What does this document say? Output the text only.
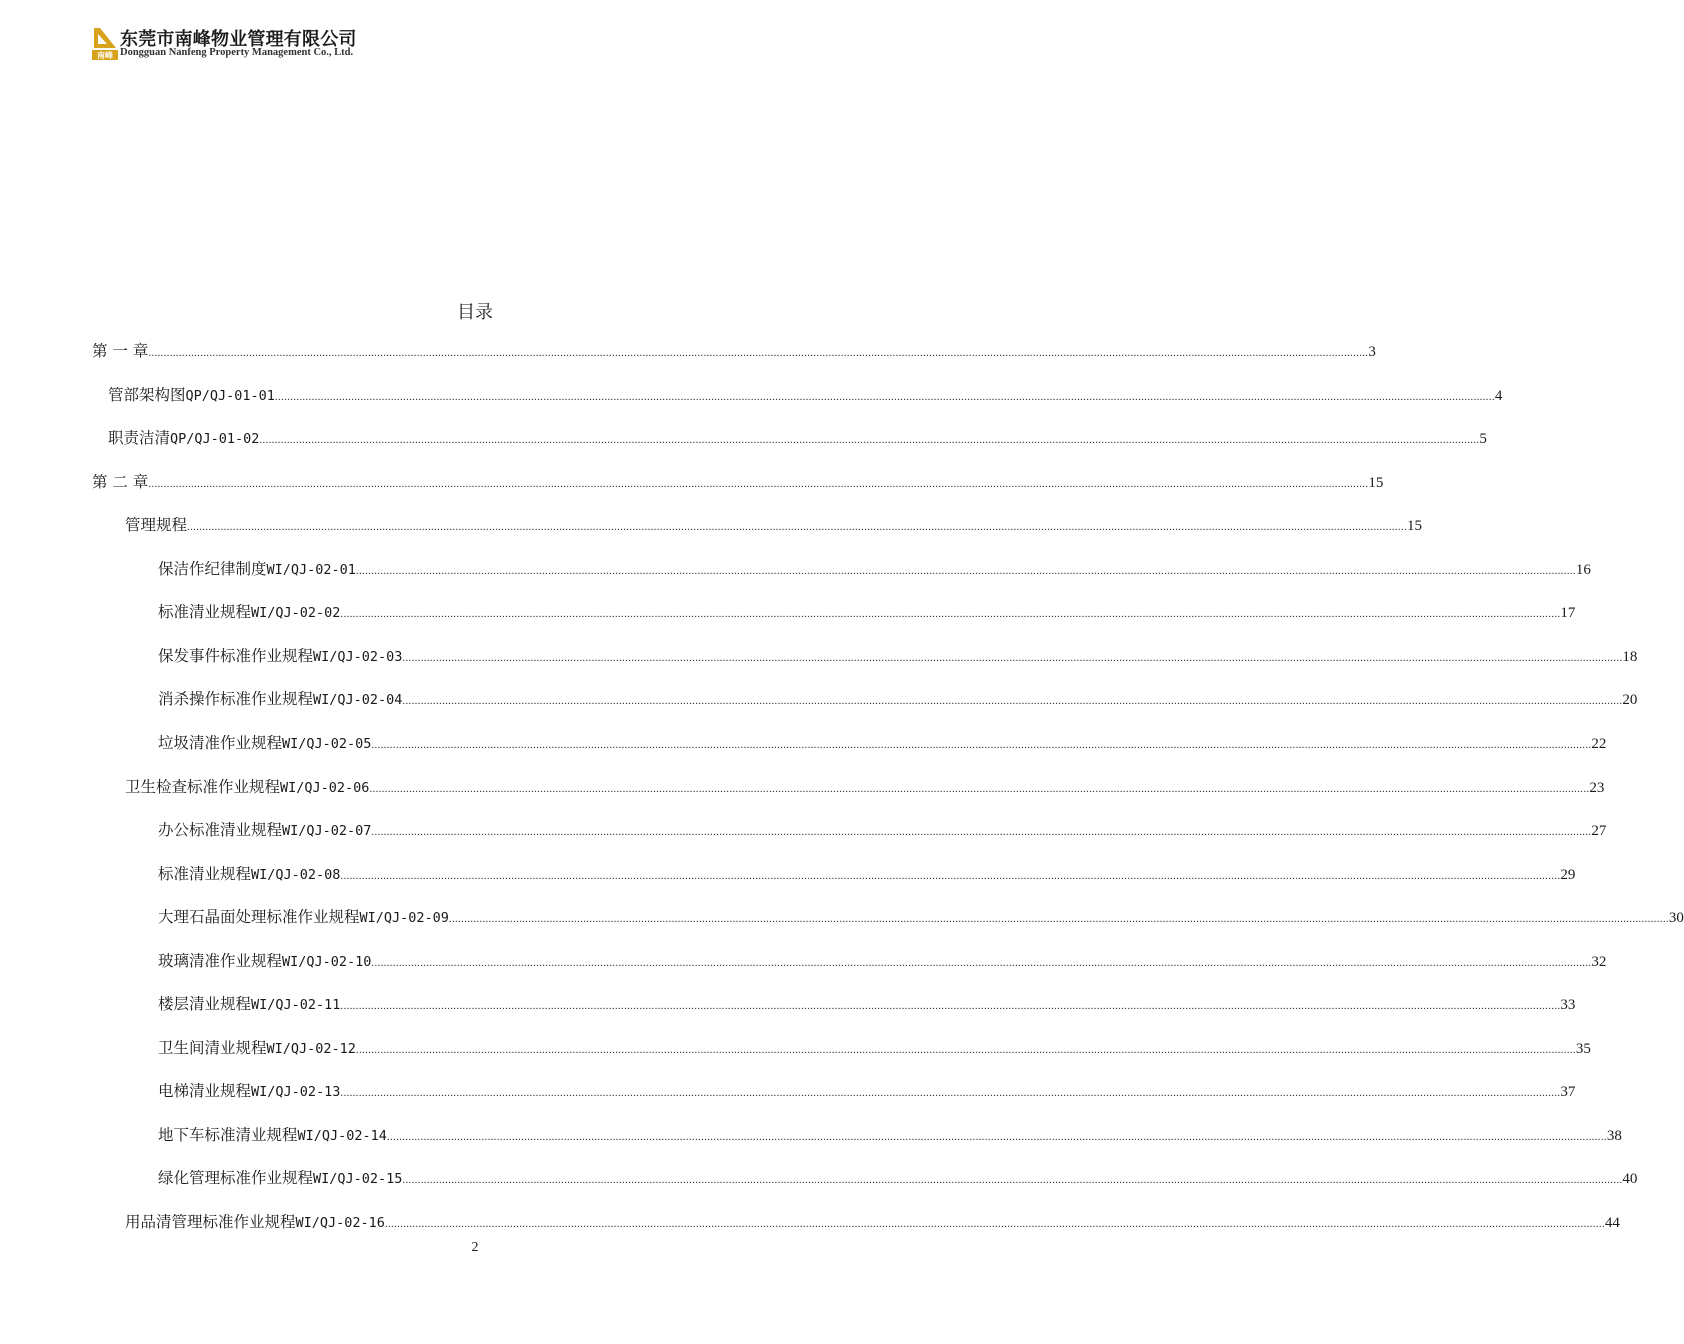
南峰
东莞市南峰物业管理有限公司
Dongguan Nanfeng Property Management Co., Ltd.
目录
第 一 章 ................................................................................................................................................................................................................................................................................................................................................................................................................ 3
管部架构图 QP/QJ-01-01 ................................................................................................................................................................................................................................................................................................................................................................................................................ 4
职责洁清 QP/QJ-01-02 ................................................................................................................................................................................................................................................................................................................................................................................................................ 5
第 二 章 ................................................................................................................................................................................................................................................................................................................................................................................................................ 15
管理规程 ................................................................................................................................................................................................................................................................................................................................................................................................................ 15
保洁作纪律制度 WI/QJ-02-01 ................................................................................................................................................................................................................................................................................................................................................................................................................ 16
标准清业规程 WI/QJ-02-02 ................................................................................................................................................................................................................................................................................................................................................................................................................ 17
保发事件标准作业规程 WI/QJ-02-03 ................................................................................................................................................................................................................................................................................................................................................................................................................ 18
消杀操作标准作业规程 WI/QJ-02-04 ................................................................................................................................................................................................................................................................................................................................................................................................................ 20
垃圾清准作业规程 WI/QJ-02-05 ................................................................................................................................................................................................................................................................................................................................................................................................................ 22
卫生检查标准作业规程 WI/QJ-02-06 ................................................................................................................................................................................................................................................................................................................................................................................................................ 23
办公标准清业规程 WI/QJ-02-07 ................................................................................................................................................................................................................................................................................................................................................................................................................ 27
标准清业规程 WI/QJ-02-08 ................................................................................................................................................................................................................................................................................................................................................................................................................ 29
大理石晶面处理标准作业规程 WI/QJ-02-09 ................................................................................................................................................................................................................................................................................................................................................................................................................ 30
玻璃清准作业规程 WI/QJ-02-10 ................................................................................................................................................................................................................................................................................................................................................................................................................ 32
楼层清业规程 WI/QJ-02-11 ................................................................................................................................................................................................................................................................................................................................................................................................................ 33
卫生间清业规程 WI/QJ-02-12 ................................................................................................................................................................................................................................................................................................................................................................................................................ 35
电梯清业规程 WI/QJ-02-13 ................................................................................................................................................................................................................................................................................................................................................................................................................ 37
地下车标准清业规程 WI/QJ-02-14 ................................................................................................................................................................................................................................................................................................................................................................................................................ 38
绿化管理标准作业规程 WI/QJ-02-15 ................................................................................................................................................................................................................................................................................................................................................................................................................ 40
用品清管理标准作业规程 WI/QJ-02-16 ................................................................................................................................................................................................................................................................................................................................................................................................................ 44
2
